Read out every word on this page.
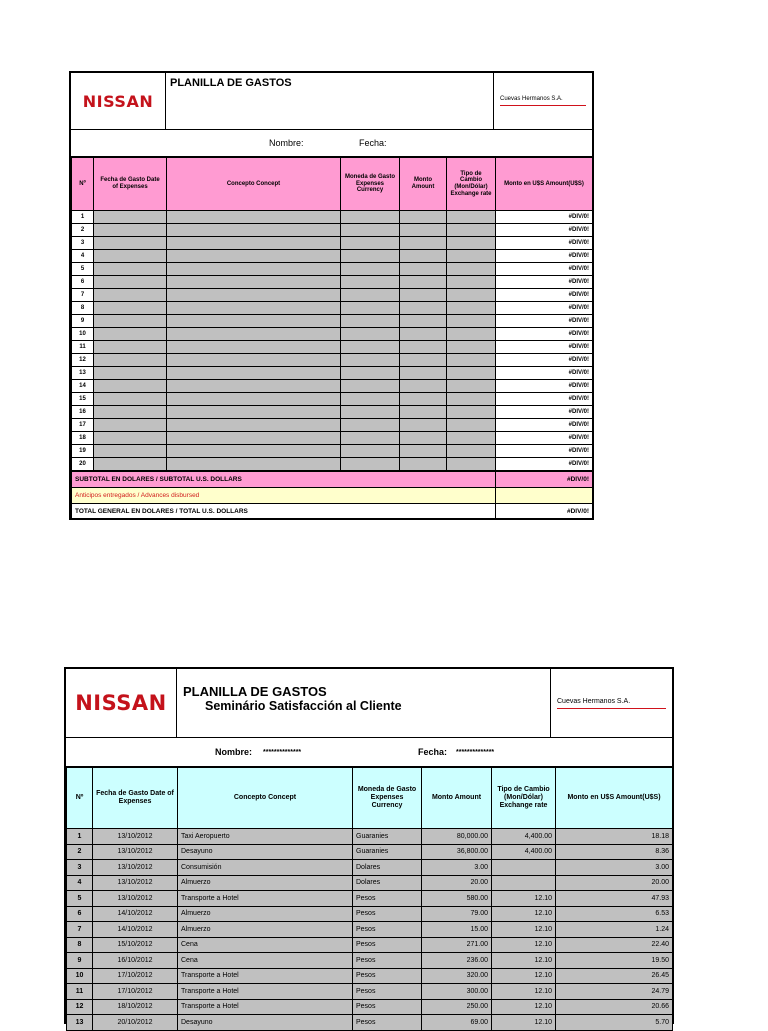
NISSAN
PLANILLA DE GASTOS
Cuevas Hermanos S.A.
Nombre:	Fecha:
Nº	Fecha de Gasto Date of Expenses	Concepto Concept	Moneda de Gasto Expenses Currency	Monto Amount	Tipo de Cambio (Mon/Dólar) Exchange rate	Monto en U$S Amount(U$S)
1						#DIV/0!
2						#DIV/0!
3						#DIV/0!
4						#DIV/0!
5						#DIV/0!
6						#DIV/0!
7						#DIV/0!
8						#DIV/0!
9						#DIV/0!
10						#DIV/0!
11						#DIV/0!
12						#DIV/0!
13						#DIV/0!
14						#DIV/0!
15						#DIV/0!
16						#DIV/0!
17						#DIV/0!
18						#DIV/0!
19						#DIV/0!
20						#DIV/0!
SUBTOTAL EN DOLARES / SUBTOTAL U.S. DOLLARS	#DIV/0!
Anticipos entregados / Advances disbursed	
TOTAL GENERAL EN DOLARES / TOTAL U.S. DOLLARS	#DIV/0!
NISSAN PLANILLA DE GASTOS
Seminário Satisfacción al Cliente	Cuevas Hermanos S.A.
Nombre: **************	Fecha: **************
Nº	Fecha de Gasto Date of Expenses	Concepto Concept	Moneda de Gasto Expenses Currency	Monto Amount	Tipo de Cambio (Mon/Dólar) Exchange rate	Monto en U$S Amount(U$S)
1	13/10/2012	Taxi Aeropuerto	Guaranies	80,000.00	4,400.00	18.18
2	13/10/2012	Desayuno	Guaranies	36,800.00	4,400.00	8.36
3	13/10/2012	Consumisión	Dolares	3.00		3.00
4	13/10/2012	Almuerzo	Dolares	20.00		20.00
5	13/10/2012	Transporte a Hotel	Pesos	580.00	12.10	47.93
6	14/10/2012	Almuerzo	Pesos	79.00	12.10	6.53
7	14/10/2012	Almuerzo	Pesos	15.00	12.10	1.24
8	15/10/2012	Cena	Pesos	271.00	12.10	22.40
9	16/10/2012	Cena	Pesos	236.00	12.10	19.50
10	17/10/2012	Transporte a Hotel	Pesos	320.00	12.10	26.45
11	17/10/2012	Transporte a Hotel	Pesos	300.00	12.10	24.79
12	18/10/2012	Transporte a Hotel	Pesos	250.00	12.10	20.66
13	20/10/2012	Desayuno	Pesos	69.00	12.10	5.70
